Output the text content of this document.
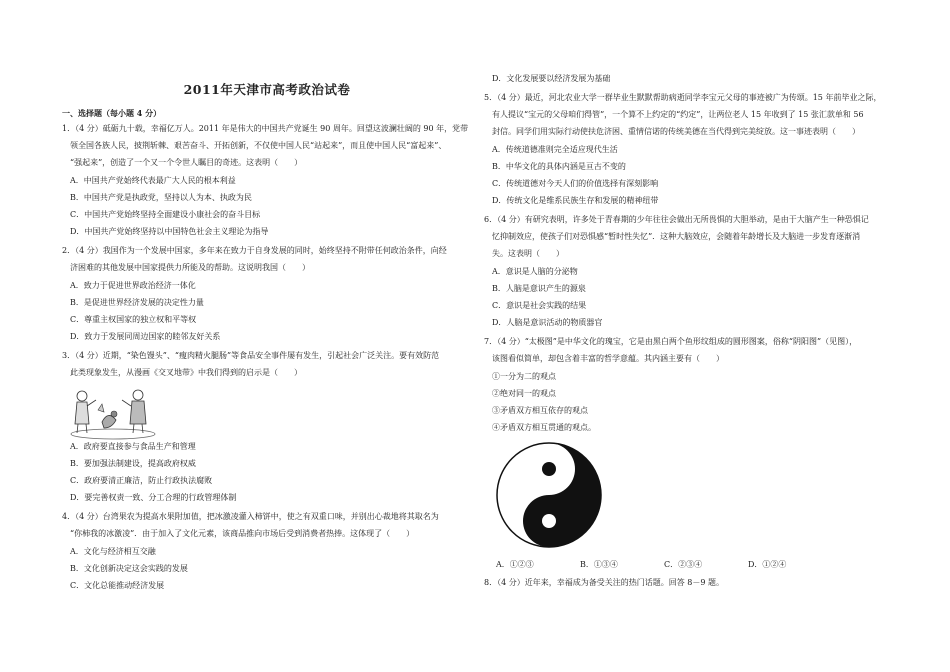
2011年天津市高考政治试卷
一、选择题（每小题 4 分）
1．（4 分）砥砺九十载，幸福亿万人。2011 年是伟大的中国共产党诞生 90 周年。回望这波澜壮阔的 90 年，党带
领全国各族人民，披荆斩棘、艰苦奋斗、开拓创新，不仅使中国人民“站起来”，而且使中国人民“富起来”、
“强起来”，创造了一个又一个令世人瞩目的奇迹。这表明（　　）
A．中国共产党始终代表最广大人民的根本利益
B．中国共产党是执政党，坚持以人为本、执政为民
C．中国共产党始终坚持全面建设小康社会的奋斗目标
D．中国共产党始终坚持以中国特色社会主义理论为指导
2．（4 分）我国作为一个发展中国家，多年来在致力于自身发展的同时，始终坚持不附带任何政治条件，向经
济困难的其他发展中国家提供力所能及的帮助。这说明我国（　　）
A．致力于促进世界政治经济一体化
B．是促进世界经济发展的决定性力量
C．尊重主权国家的独立权和平等权
D．致力于发展同周边国家的睦邻友好关系
3．（4 分）近期，“染色馒头”、“瘦肉精火腿肠”等食品安全事件屡有发生，引起社会广泛关注。要有效防范
此类现象发生，从漫画《交叉地带》中我们得到的启示是（　　）
A．政府要直接参与食品生产和管理
B．要加强法制建设，提高政府权威
C．政府要清正廉洁，防止行政执法腐败
D．要完善权责一致、分工合理的行政管理体制
4．（4 分）台湾果农为提高水果附加值，把冰激凌灌入柿饼中，使之有双重口味，并别出心裁地将其取名为
“你柿我的冰激凌”．由于加入了文化元素，该商品推向市场后受到消费者热捧。这体现了（　　）
A．文化与经济相互交融
B．文化创新决定这会实践的发展
C．文化总能推动经济发展
D．文化发展要以经济发展为基础
5．（4 分）最近，河北农业大学一群毕业生默默帮助病逝同学李宝元父母的事迹被广为传颂。15 年前毕业之际，
有人提议“宝元的父母咱们得管”，一个算不上约定的“约定”，让两位老人 15 年收到了 15 张汇款单和 56
封信。同学们用实际行动使扶危济困、重情信诺的传统美德在当代得到完美绽放。这一事迹表明（　　）
A．传统道德准则完全适应现代生活
B．中华文化的具体内涵是亘古不变的
C．传统道德对今天人们的价值选择有深刻影响
D．传统文化是维系民族生存和发展的精神纽带
6．（4 分）有研究表明，许多处于青春期的少年往往会做出无所畏惧的大胆举动，是由于大脑产生一种恐惧记
忆抑制效应，使孩子们对恐惧感“暂时性失忆”．这种大脑效应，会随着年龄增长及大脑进一步发育逐渐消
失。这表明（　　）
A．意识是人脑的分泌物
B．人脑是意识产生的源泉
C．意识是社会实践的结果
D．人脑是意识活动的物质器官
7．（4 分）“太极图”是中华文化的瑰宝，它是由黑白两个鱼形纹组成的圆形图案，俗称“阴阳图”（见图），
该图看似简单，却包含着丰富的哲学意蕴。其内涵主要有（　　）
①一分为二的观点
②绝对同一的观点
③矛盾双方相互依存的观点
④矛盾双方相互贯通的观点。
A．①②③	B．①③④	C．②③④	D．①②④
8．（4 分）近年来，幸福成为备受关注的热门话题。回答 8－9 题。
